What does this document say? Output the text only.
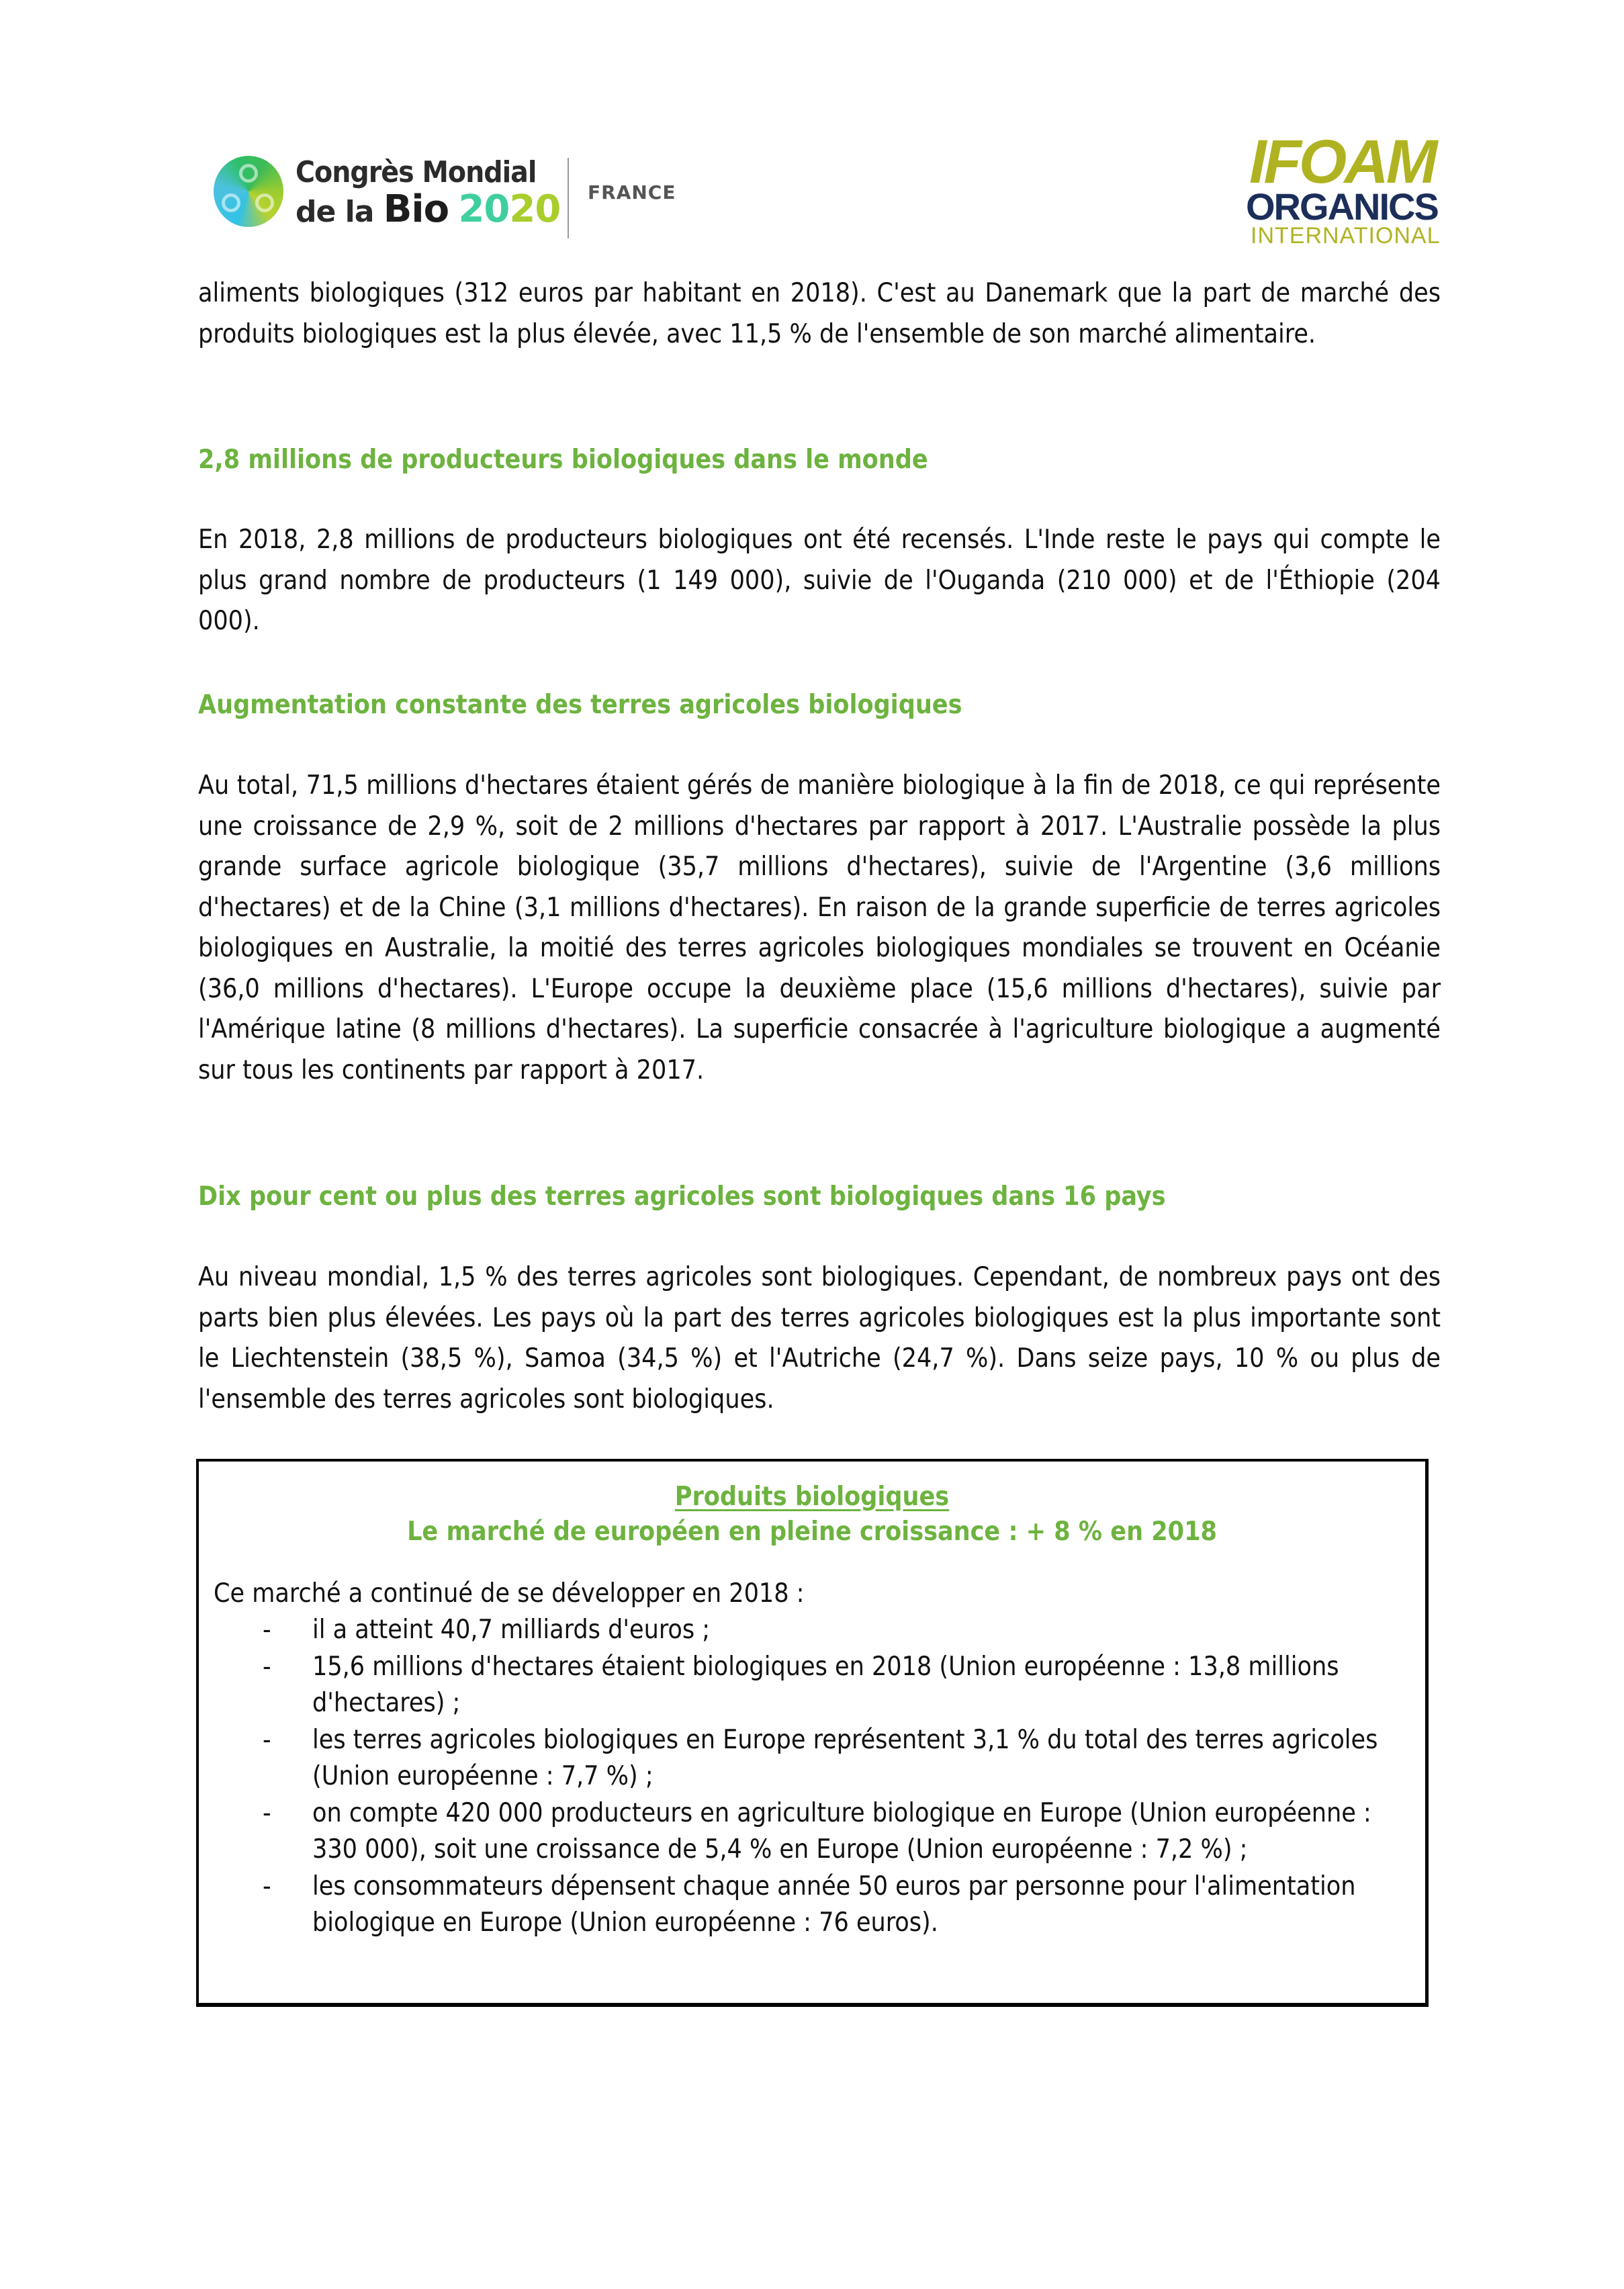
Congrès Mondial
de la Bio 2020 FRANCE	IFOAM
ORGANICS
INTERNATIONAL

aliments biologiques (312 euros par habitant en 2018). C'est au Danemark que la part de marché des produits biologiques est la plus élevée, avec 11,5 % de l'ensemble de son marché alimentaire.

2,8 millions de producteurs biologiques dans le monde

En 2018, 2,8 millions de producteurs biologiques ont été recensés. L'Inde reste le pays qui compte le plus grand nombre de producteurs (1 149 000), suivie de l'Ouganda (210 000) et de l'Éthiopie (204 000).

Augmentation constante des terres agricoles biologiques

Au total, 71,5 millions d'hectares étaient gérés de manière biologique à la fin de 2018, ce qui représente une croissance de 2,9 %, soit de 2 millions d'hectares par rapport à 2017. L'Australie possède la plus grande surface agricole biologique (35,7 millions d'hectares), suivie de l'Argentine (3,6 millions d'hectares) et de la Chine (3,1 millions d'hectares). En raison de la grande superficie de terres agricoles biologiques en Australie, la moitié des terres agricoles biologiques mondiales se trouvent en Océanie (36,0 millions d'hectares). L'Europe occupe la deuxième place (15,6 millions d'hectares), suivie par l'Amérique latine (8 millions d'hectares). La superficie consacrée à l'agriculture biologique a augmenté sur tous les continents par rapport à 2017.

Dix pour cent ou plus des terres agricoles sont biologiques dans 16 pays

Au niveau mondial, 1,5 % des terres agricoles sont biologiques. Cependant, de nombreux pays ont des parts bien plus élevées. Les pays où la part des terres agricoles biologiques est la plus importante sont le Liechtenstein (38,5 %), Samoa (34,5 %) et l'Autriche (24,7 %). Dans seize pays, 10 % ou plus de l'ensemble des terres agricoles sont biologiques.

Produits biologiques
Le marché de européen en pleine croissance : + 8 % en 2018
Ce marché a continué de se développer en 2018 :
- il a atteint 40,7 milliards d'euros ;
- 15,6 millions d'hectares étaient biologiques en 2018 (Union européenne : 13,8 millions d'hectares) ;
- les terres agricoles biologiques en Europe représentent 3,1 % du total des terres agricoles (Union européenne : 7,7 %) ;
- on compte 420 000 producteurs en agriculture biologique en Europe (Union européenne : 330 000), soit une croissance de 5,4 % en Europe (Union européenne : 7,2 %) ;
- les consommateurs dépensent chaque année 50 euros par personne pour l'alimentation biologique en Europe (Union européenne : 76 euros).
